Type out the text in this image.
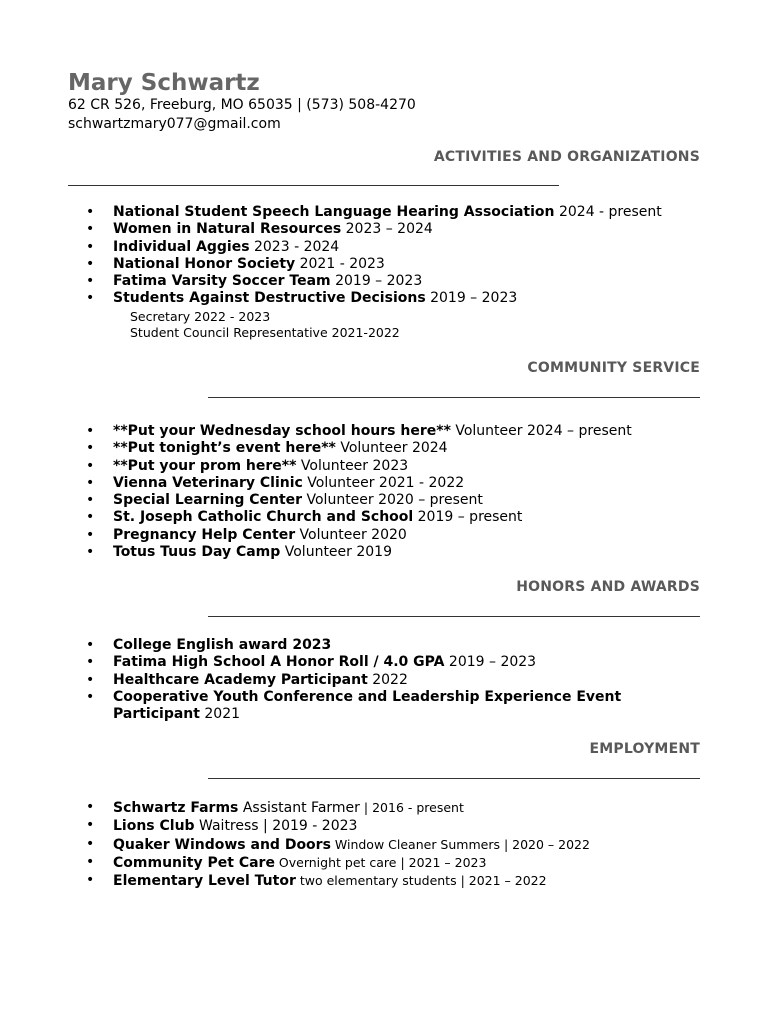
Mary Schwartz
62 CR 526, Freeburg, MO 65035 | (573) 508-4270
schwartzmary077@gmail.com
ACTIVITIES AND ORGANIZATIONS
• National Student Speech Language Hearing Association 2024 - present
• Women in Natural Resources 2023 – 2024
• Individual Aggies 2023 - 2024
• National Honor Society 2021 - 2023
• Fatima Varsity Soccer Team 2019 – 2023
• Students Against Destructive Decisions 2019 – 2023
Secretary 2022 - 2023
Student Council Representative 2021-2022
COMMUNITY SERVICE
• **Put your Wednesday school hours here** Volunteer 2024 – present
• **Put tonight’s event here** Volunteer 2024
• **Put your prom here** Volunteer 2023
• Vienna Veterinary Clinic Volunteer 2021 - 2022
• Special Learning Center Volunteer 2020 – present
• St. Joseph Catholic Church and School 2019 – present
• Pregnancy Help Center Volunteer 2020
• Totus Tuus Day Camp Volunteer 2019
HONORS AND AWARDS
• College English award 2023
• Fatima High School A Honor Roll / 4.0 GPA 2019 – 2023
• Healthcare Academy Participant 2022
• Cooperative Youth Conference and Leadership Experience Event Participant 2021
EMPLOYMENT
• Schwartz Farms Assistant Farmer | 2016 - present
• Lions Club Waitress | 2019 - 2023
• Quaker Windows and Doors Window Cleaner Summers | 2020 – 2022
• Community Pet Care Overnight pet care | 2021 – 2023
• Elementary Level Tutor two elementary students | 2021 – 2022
